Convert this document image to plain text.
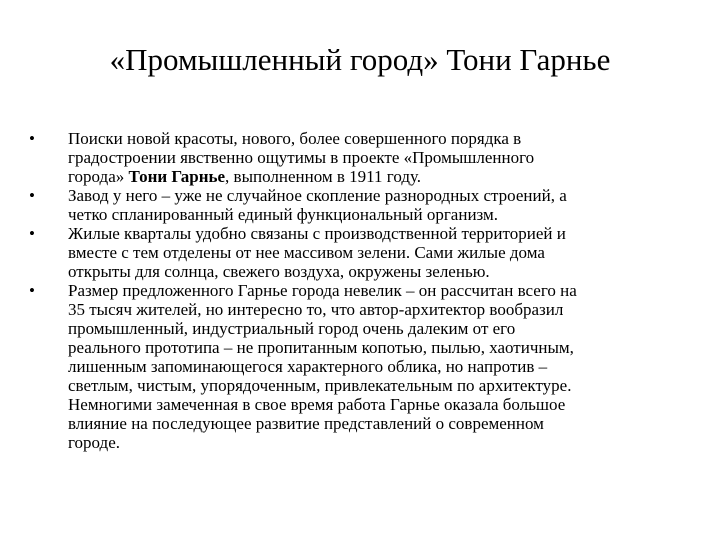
«Промышленный город» Тони Гарнье
• Поиски новой красоты, нового, более совершенного порядка в
градостроении явственно ощутимы в проекте «Промышленного
города» Тони Гарнье, выполненном в 1911 году.
• Завод у него – уже не случайное скопление разнородных строений, а
четко спланированный единый функциональный организм.
• Жилые кварталы удобно связаны с производственной территорией и
вместе с тем отделены от нее массивом зелени. Сами жилые дома
открыты для солнца, свежего воздуха, окружены зеленью.
• Размер предложенного Гарнье города невелик – он рассчитан всего на
35 тысяч жителей, но интересно то, что автор-архитектор вообразил
промышленный, индустриальный город очень далеким от его
реального прототипа – не пропитанным копотью, пылью, хаотичным,
лишенным запоминающегося характерного облика, но напротив –
светлым, чистым, упорядоченным, привлекательным по архитектуре.
Немногими замеченная в свое время работа Гарнье оказала большое
влияние на последующее развитие представлений о современном
городе.
